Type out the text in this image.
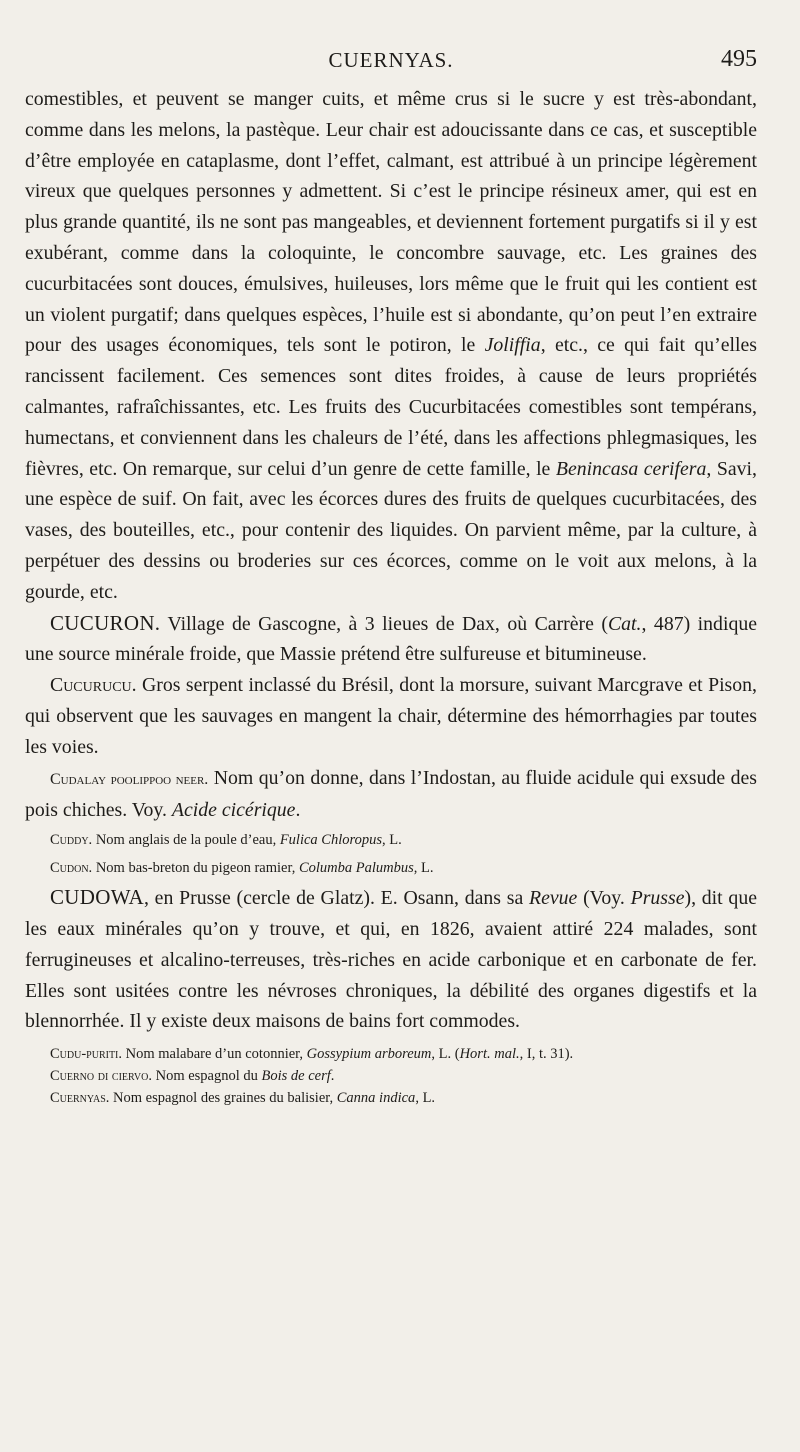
CUERNYAS.	495

comestibles, et peuvent se manger cuits, et même crus si le sucre y est très-abondant, comme dans les melons, la pastèque. Leur chair est adoucissante dans ce cas, et susceptible d’être employée en cataplasme, dont l’effet, calmant, est attribué à un principe légèrement vireux que quelques personnes y admettent. Si c’est le principe résineux amer, qui est en plus grande quantité, ils ne sont pas mangeables, et deviennent fortement purgatifs si il y est exubérant, comme dans la coloquinte, le concombre sauvage, etc. Les graines des cucurbitacées sont douces, émulsives, huileuses, lors même que le fruit qui les contient est un violent purgatif; dans quelques espèces, l’huile est si abondante, qu’on peut l’en extraire pour des usages économiques, tels sont le potiron, le Joliffia, etc., ce qui fait qu’elles rancissent facilement. Ces semences sont dites froides, à cause de leurs propriétés calmantes, rafraîchissantes, etc. Les fruits des Cucurbitacées comestibles sont tempérans, humectans, et conviennent dans les chaleurs de l’été, dans les affections phlegmasiques, les fièvres, etc. On remarque, sur celui d’un genre de cette famille, le Benincasa cerifera, Savi, une espèce de suif. On fait, avec les écorces dures des fruits de quelques cucurbitacées, des vases, des bouteilles, etc., pour contenir des liquides. On parvient même, par la culture, à perpétuer des dessins ou broderies sur ces écorces, comme on le voit aux melons, à la gourde, etc.

CUCURON. Village de Gascogne, à 3 lieues de Dax, où Carrère (Cat., 487) indique une source minérale froide, que Massie prétend être sulfureuse et bitumineuse.

Cucurucu. Gros serpent inclassé du Brésil, dont la morsure, suivant Marcgrave et Pison, qui observent que les sauvages en mangent la chair, détermine des hémorrhagies par toutes les voies.

Cudalay poolippoo neer. Nom qu’on donne, dans l’Indostan, au fluide acidule qui exsude des pois chiches. Voy. Acide cicérique.

Cuddy. Nom anglais de la poule d’eau, Fulica Chloropus, L.

Cudon. Nom bas-breton du pigeon ramier, Columba Palumbus, L.

CUDOWA, en Prusse (cercle de Glatz). E. Osann, dans sa Revue (Voy. Prusse), dit que les eaux minérales qu’on y trouve, et qui, en 1826, avaient attiré 224 malades, sont ferrugineuses et alcalino-terreuses, très-riches en acide carbonique et en carbonate de fer. Elles sont usitées contre les névroses chroniques, la débilité des organes digestifs et la blennorrhée. Il y existe deux maisons de bains fort commodes.

Cudu-puriti. Nom malabare d’un cotonnier, Gossypium arboreum, L. (Hort. mal., I, t. 31).

Cuerno di ciervo. Nom espagnol du Bois de cerf.

Cuernyas. Nom espagnol des graines du balisier, Canna indica, L.
